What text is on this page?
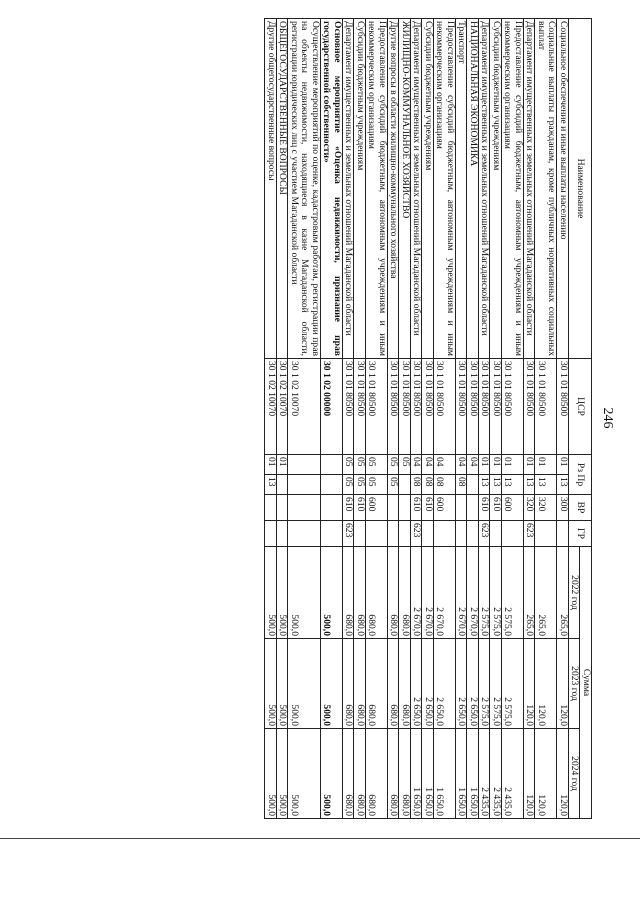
246
Наименование	ЦСР	Рз Пр		ВР	ГР	Сумма		
						2022 год	2023 год	2024 год
Социальное обеспечение и иные выплаты населению	30 1 01 80500	01	13	300		265,0	120,0	120,0
Социальные выплаты гражданам, кроме публичных нормативных социальных выплат	30 1 01 80500	01	13	320		265,0	120,0	120,0
Департамент имущественных и земельных отношений Магаданской области	30 1 01 80500	01	13	320	623	265,0	120,0	120,0
Предоставление субсидий бюджетным, автономным учреждениям и иным некоммерческим организациям	30 1 01 80500	01	13	600		2 575,0	2 575,0	2 435,0
Субсидии бюджетным учреждениям	30 1 01 80500	01	13	610		2 575,0	2 575,0	2 435,0
Департамент имущественных и земельных отношений Магаданской области	30 1 01 80500	01	13	610	623	2 575,0	2 575,0	2 435,0
НАЦИОНАЛЬНАЯ ЭКОНОМИКА	30 1 01 80500	04				2 670,0	2 650,0	1 650,0
Транспорт	30 1 01 80500	04	08			2 670,0	2 650,0	1 650,0
Предоставление субсидий бюджетным, автономным учреждениям и иным некоммерческим организациям	30 1 01 80500	04	08	600		2 670,0	2 650,0	1 650,0
Субсидии бюджетным учреждениям	30 1 01 80500	04	08	610		2 670,0	2 650,0	1 650,0
Департамент имущественных и земельных отношений Магаданской области	30 1 01 80500	04	08	610	623	2 670,0	2 650,0	1 650,0
ЖИЛИЩНО-КОММУНАЛЬНОЕ ХОЗЯЙСТВО	30 1 01 80500	05				680,0	680,0	680,0
Другие вопросы в области жилищно-коммунального хозяйства	30 1 01 80500	05	05			680,0	680,0	680,0
Предоставление субсидий бюджетным, автономным учреждениям и иным некоммерческим организациям	30 1 01 80500	05	05	600		680,0	680,0	680,0
Субсидии бюджетным учреждениям	30 1 01 80500	05	05	610		680,0	680,0	680,0
Департамент имущественных и земельных отношений Магаданской области	30 1 01 80500	05	05	610	623	680,0	680,0	680,0
Основное мероприятие «Оценка недвижимости, признание прав государственной собственности»	30 1 02 00000					500,0	500,0	500,0
Осуществление мероприятий по оценке, кадастровым работам, регистрации прав на объекты недвижимости, находящиеся в казне Магаданской области, регистрации юридических лиц с участием Магаданской области	30 1 02 10070					500,0	500,0	500,0
ОБЩЕГОСУДАРСТВЕННЫЕ ВОПРОСЫ	30 1 02 10070	01				500,0	500,0	500,0
Другие общегосударственные вопросы	30 1 02 10070	01	13			500,0	500,0	500,0
